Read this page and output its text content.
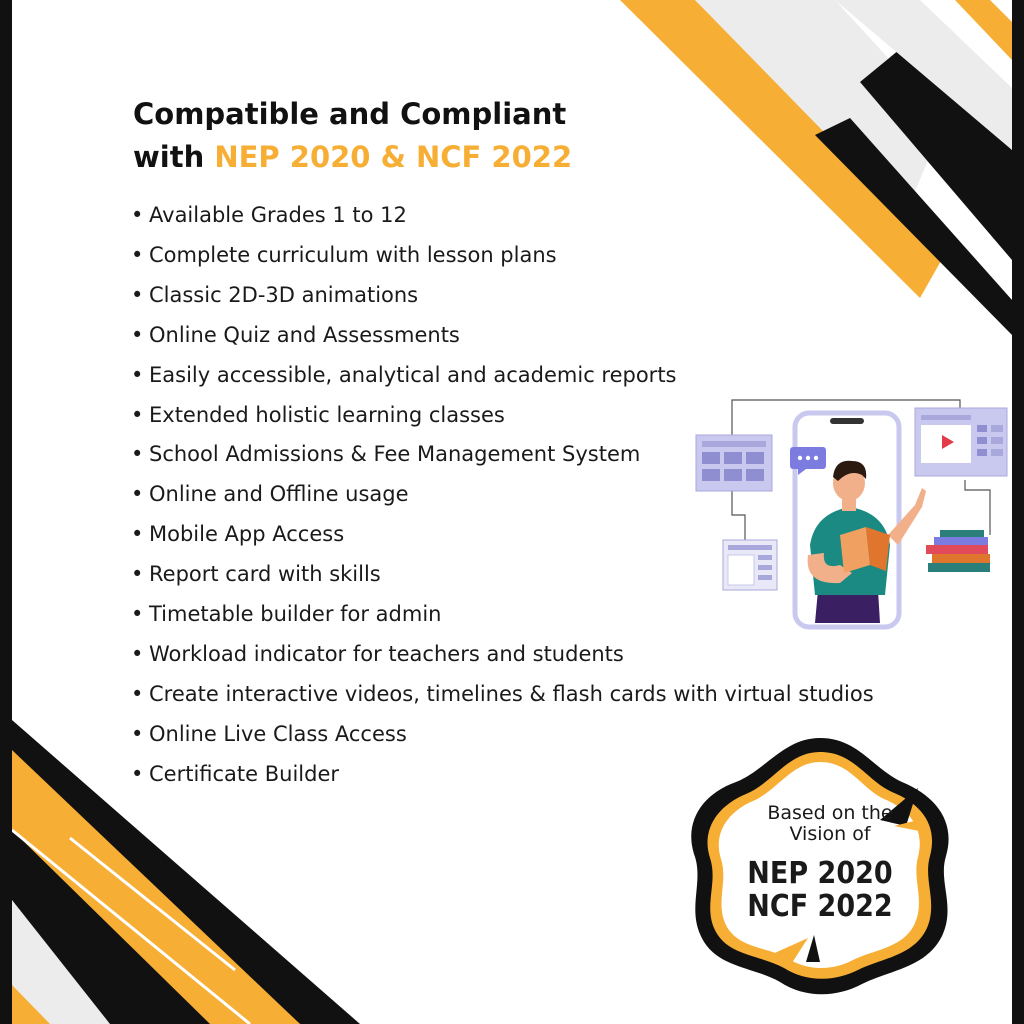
Compatible and Compliant
with NEP 2020 & NCF 2022
• Available Grades 1 to 12
• Complete curriculum with lesson plans
• Classic 2D-3D animations
• Online Quiz and Assessments
• Easily accessible, analytical and academic reports
• Extended holistic learning classes
• School Admissions & Fee Management System
• Online and Offline usage
• Mobile App Access
• Report card with skills
• Timetable builder for admin
• Workload indicator for teachers and students
• Create interactive videos, timelines & flash cards with virtual studios
• Online Live Class Access
• Certificate Builder
Based on the
Vision of
NEP 2020
NCF 2022
